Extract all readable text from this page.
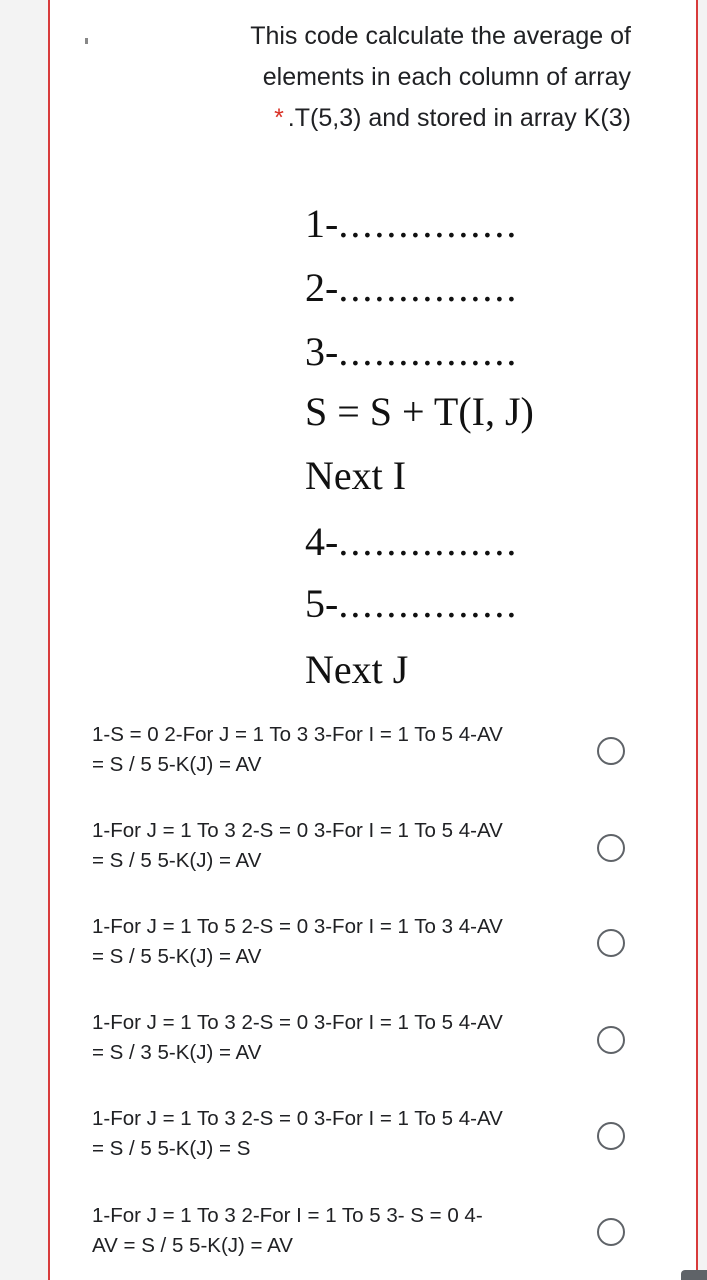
This code calculate the average of
elements in each column of array
* .T(5,3) and stored in array K(3)
1-...............
2-...............
3-...............
S = S + T(I, J)
Next I
4-...............
5-...............
Next J
1-S = 0 2-For J = 1 To 3 3-For I = 1 To 5 4-AV
= S / 5 5-K(J) = AV
1-For J = 1 To 3 2-S = 0 3-For I = 1 To 5 4-AV
= S / 5 5-K(J) = AV
1-For J = 1 To 5 2-S = 0 3-For I = 1 To 3 4-AV
= S / 5 5-K(J) = AV
1-For J = 1 To 3 2-S = 0 3-For I = 1 To 5 4-AV
= S / 3 5-K(J) = AV
1-For J = 1 To 3 2-S = 0 3-For I = 1 To 5 4-AV
= S / 5 5-K(J) = S
1-For J = 1 To 3 2-For I = 1 To 5 3- S = 0 4-
AV = S / 5 5-K(J) = AV
